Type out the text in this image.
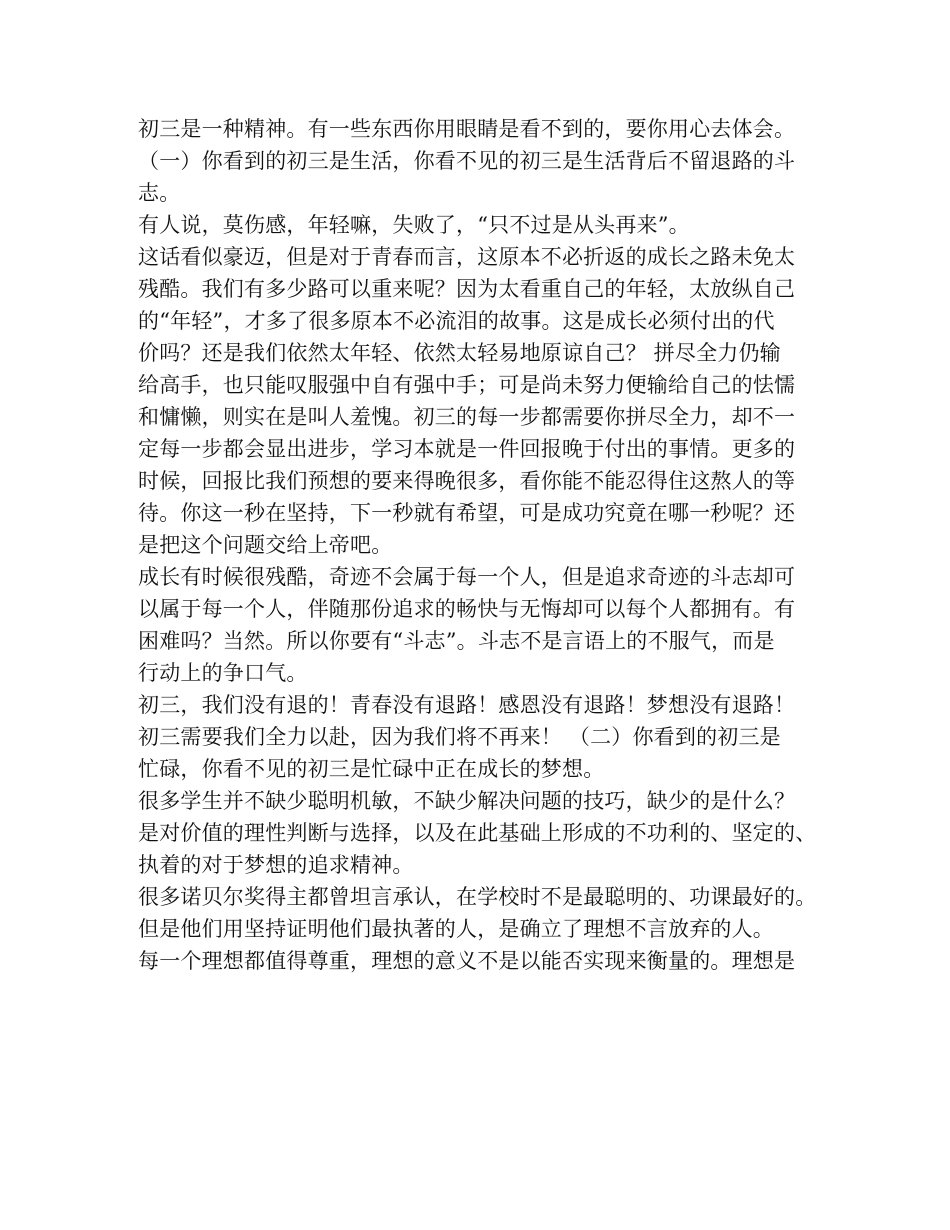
初三是一种精神。有一些东西你用眼睛是看不到的，要你用心去体会。
（一）你看到的初三是生活，你看不见的初三是生活背后不留退路的斗
志。
有人说，莫伤感，年轻嘛，失败了，“只不过是从头再来”。
这话看似豪迈，但是对于青春而言，这原本不必折返的成长之路未免太
残酷。我们有多少路可以重来呢？因为太看重自己的年轻，太放纵自己
的“年轻”，才多了很多原本不必流泪的故事。这是成长必须付出的代
价吗？还是我们依然太年轻、依然太轻易地原谅自己？ 拼尽全力仍输
给高手，也只能叹服强中自有强中手；可是尚未努力便输给自己的怯懦
和慵懒，则实在是叫人羞愧。初三的每一步都需要你拼尽全力，却不一
定每一步都会显出进步，学习本就是一件回报晚于付出的事情。更多的
时候，回报比我们预想的要来得晚很多，看你能不能忍得住这熬人的等
待。你这一秒在坚持，下一秒就有希望，可是成功究竟在哪一秒呢？还
是把这个问题交给上帝吧。
成长有时候很残酷，奇迹不会属于每一个人，但是追求奇迹的斗志却可
以属于每一个人，伴随那份追求的畅快与无悔却可以每个人都拥有。有
困难吗？当然。所以你要有“斗志”。斗志不是言语上的不服气，而是
行动上的争口气。
初三，我们没有退的！青春没有退路！感恩没有退路！梦想没有退路！
初三需要我们全力以赴，因为我们将不再来！ （二）你看到的初三是
忙碌，你看不见的初三是忙碌中正在成长的梦想。
很多学生并不缺少聪明机敏，不缺少解决问题的技巧，缺少的是什么？
是对价值的理性判断与选择，以及在此基础上形成的不功利的、坚定的、
执着的对于梦想的追求精神。
很多诺贝尔奖得主都曾坦言承认，在学校时不是最聪明的、功课最好的。
但是他们用坚持证明他们最执著的人，是确立了理想不言放弃的人。
每一个理想都值得尊重，理想的意义不是以能否实现来衡量的。理想是
